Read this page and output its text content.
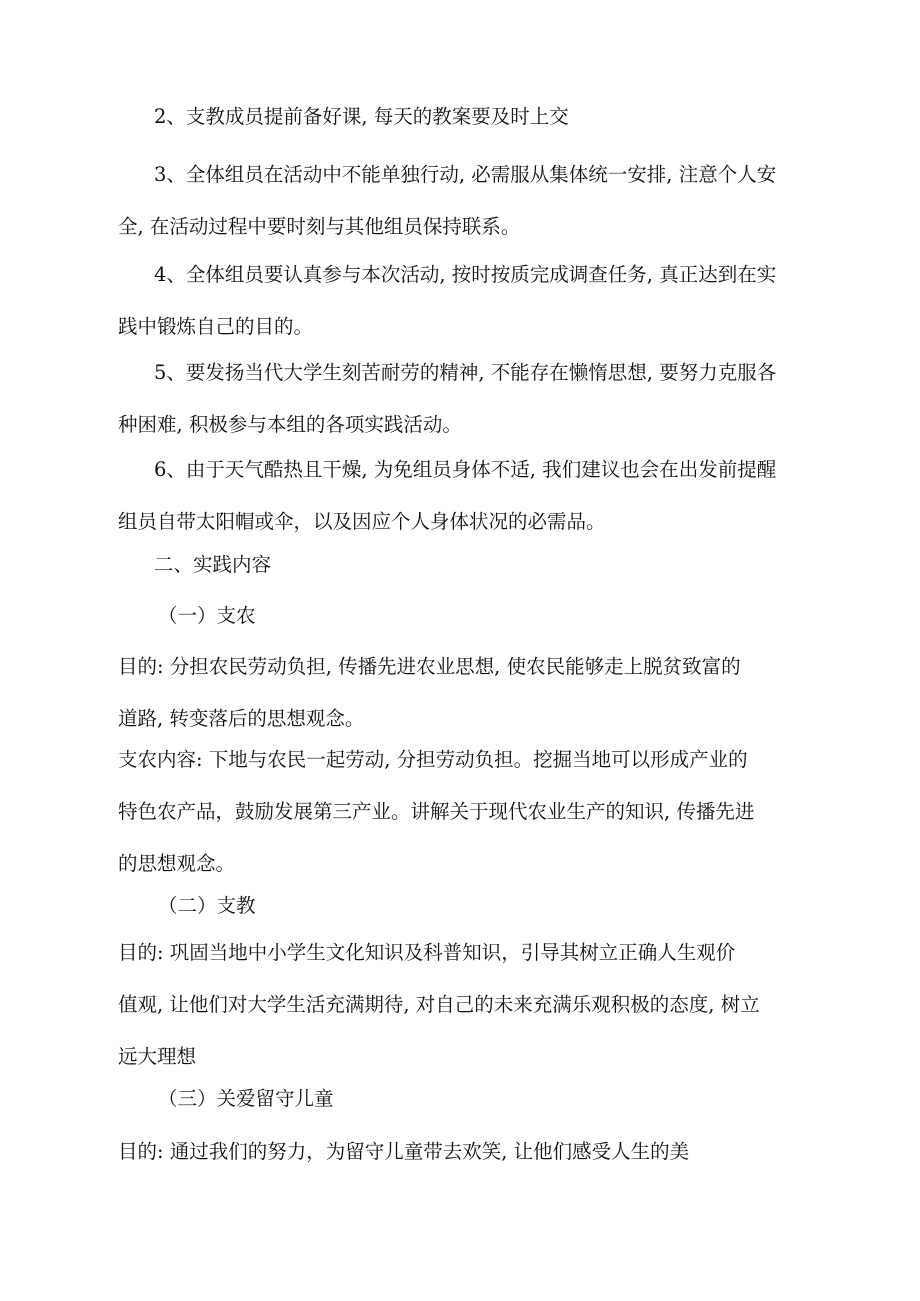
2、支教成员提前备好课, 每天的教案要及时上交
3、全体组员在活动中不能单独行动, 必需服从集体统一安排, 注意个人安
全, 在活动过程中要时刻与其他组员保持联系。
4、全体组员要认真参与本次活动, 按时按质完成调查任务, 真正达到在实
践中锻炼自己的目的。
5、要发扬当代大学生刻苦耐劳的精神, 不能存在懒惰思想, 要努力克服各
种困难, 积极参与本组的各项实践活动。
6、由于天气酷热且干燥, 为免组员身体不适, 我们建议也会在出发前提醒
组员自带太阳帽或伞，以及因应个人身体状况的必需品。
二、实践内容
（一）支农
目的: 分担农民劳动负担, 传播先进农业思想, 使农民能够走上脱贫致富的
道路, 转变落后的思想观念。
支农内容: 下地与农民一起劳动, 分担劳动负担。挖掘当地可以形成产业的
特色农产品，鼓励发展第三产业。讲解关于现代农业生产的知识, 传播先进
的思想观念。
（二）支教
目的: 巩固当地中小学生文化知识及科普知识，引导其树立正确人生观价
值观, 让他们对大学生活充满期待, 对自己的未来充满乐观积极的态度, 树立
远大理想
（三）关爱留守儿童
目的: 通过我们的努力，为留守儿童带去欢笑, 让他们感受人生的美
